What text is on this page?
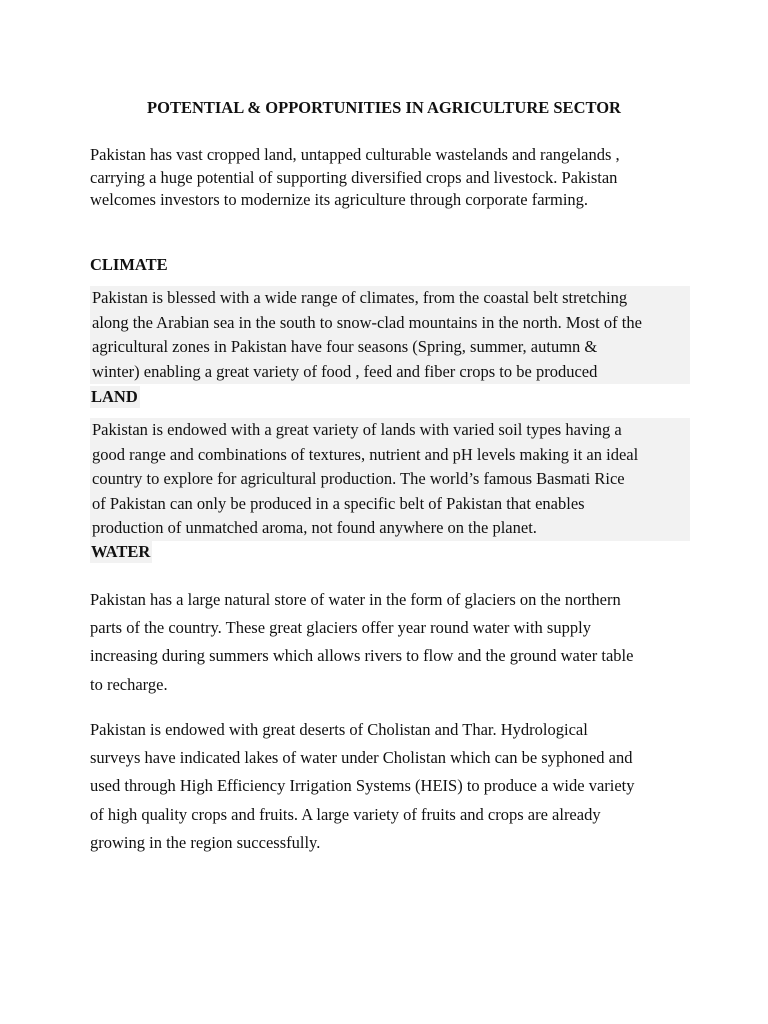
POTENTIAL & OPPORTUNITIES IN AGRICULTURE SECTOR
Pakistan has vast cropped land, untapped culturable wastelands and rangelands ,
carrying a huge potential of supporting diversified crops and livestock. Pakistan
welcomes investors to modernize its agriculture through corporate farming.
CLIMATE
Pakistan is blessed with a wide range of climates, from the coastal belt stretching
along the Arabian sea in the south to snow-clad mountains in the north. Most of the
agricultural zones in Pakistan have four seasons (Spring, summer, autumn &
winter) enabling a great variety of food , feed and fiber crops to be produced
LAND
Pakistan is endowed with a great variety of lands with varied soil types having a
good range and combinations of textures, nutrient and pH levels making it an ideal
country to explore for agricultural production. The world’s famous Basmati Rice
of Pakistan can only be produced in a specific belt of Pakistan that enables
production of unmatched aroma, not found anywhere on the planet.
WATER
Pakistan has a large natural store of water in the form of glaciers on the northern
parts of the country. These great glaciers offer year round water with supply
increasing during summers which allows rivers to flow and the ground water table
to recharge.
Pakistan is endowed with great deserts of Cholistan and Thar. Hydrological
surveys have indicated lakes of water under Cholistan which can be syphoned and
used through High Efficiency Irrigation Systems (HEIS) to produce a wide variety
of high quality crops and fruits. A large variety of fruits and crops are already
growing in the region successfully.
